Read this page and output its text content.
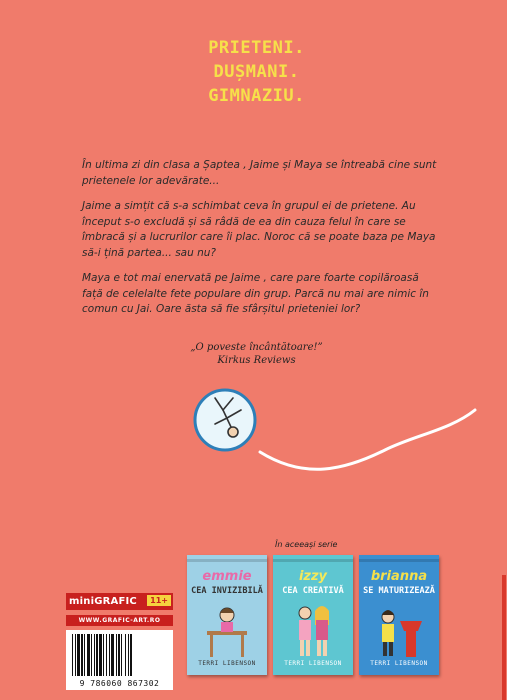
PRIETENI.
DUȘMANI.
GIMNAZIU.

În ultima zi din clasa a Șaptea , Jaime și Maya se întreabă cine sunt prietenele lor adevărate...

Jaime a simțit că s-a schimbat ceva în grupul ei de prietene. Au început s-o excludă și să râdă de ea din cauza felul în care se îmbracă și a lucrurilor care îi plac. Noroc că se poate baza pe Maya să-i țină partea... sau nu?

Maya e tot mai enervată pe Jaime , care pare foarte copilăroasă față de celelalte fete populare din grup. Parcă nu mai are nimic în comun cu Jai. Oare ăsta să fie sfârșitul prieteniei lor?

„O poveste încântătoare!”
Kirkus Reviews
În aceeași serie
emmie
CEA INVIZIBILĂ
TERRI LIBENSON
izzy
CEA CREATIVĂ
TERRI LIBENSON
brianna
SE MATURIZEAZĂ
TERRI LIBENSON
miniGRAFIC	11+
WWW.GRAFIC-ART.RO
9 786060 867302
